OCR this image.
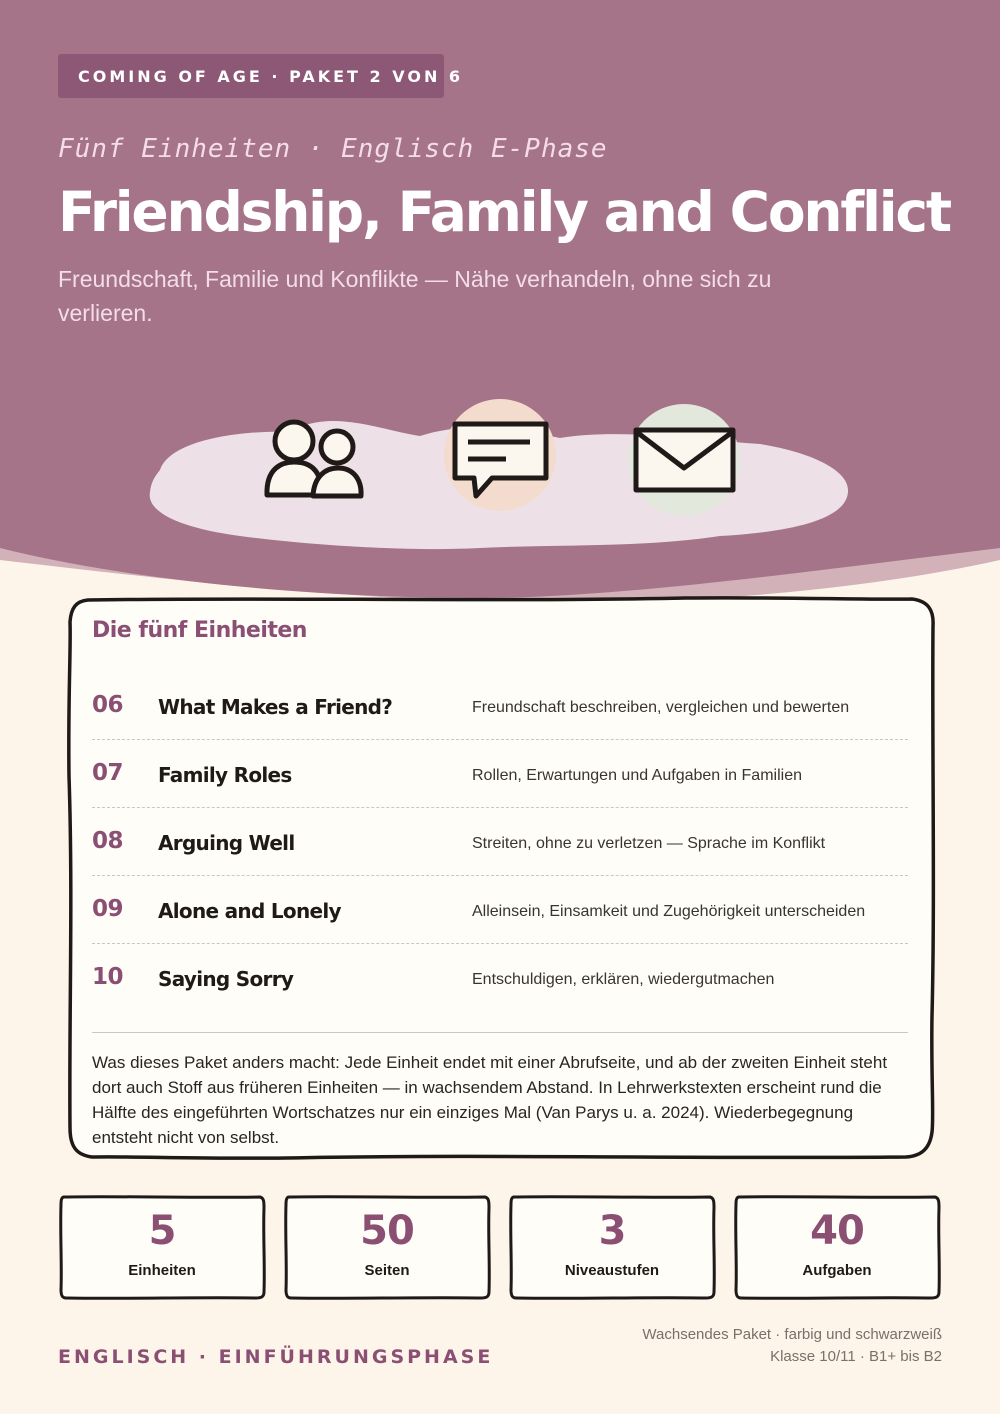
COMING OF AGE · PAKET 2 VON 6
Fünf Einheiten · Englisch E-Phase
Friendship, Family and Conflict
Freundschaft, Familie und Konflikte — Nähe verhandeln, ohne sich zu verlieren.
Die fünf Einheiten
06 What Makes a Friend?	Freundschaft beschreiben, vergleichen und bewerten
07 Family Roles	Rollen, Erwartungen und Aufgaben in Familien
08 Arguing Well	Streiten, ohne zu verletzen — Sprache im Konflikt
09 Alone and Lonely	Alleinsein, Einsamkeit und Zugehörigkeit unterscheiden
10 Saying Sorry	Entschuldigen, erklären, wiedergutmachen
Was dieses Paket anders macht: Jede Einheit endet mit einer Abrufseite, und ab der zweiten Einheit steht dort auch Stoff aus früheren Einheiten — in wachsendem Abstand. In Lehrwerkstexten erscheint rund die Hälfte des eingeführten Wortschatzes nur ein einziges Mal (Van Parys u. a. 2024). Wiederbegegnung entsteht nicht von selbst.
5
Einheiten
50
Seiten
3
Niveaustufen
40
Aufgaben
ENGLISCH · EINFÜHRUNGSPHASE
Wachsendes Paket · farbig und schwarzweiß
Klasse 10/11 · B1+ bis B2
